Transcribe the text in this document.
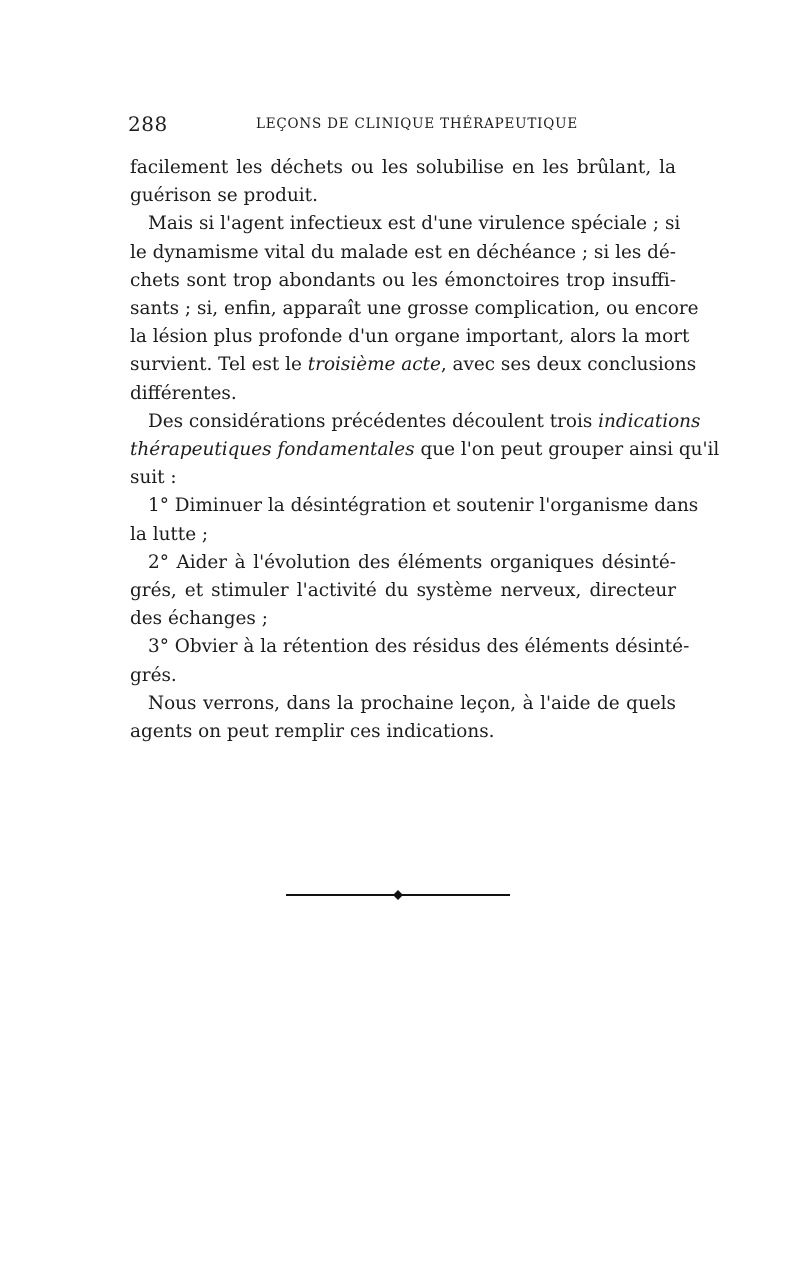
288	LEÇONS DE CLINIQUE THÉRAPEUTIQUE
facilement les déchets ou les solubilise en les brûlant, la
guérison se produit.
Mais si l'agent infectieux est d'une virulence spéciale ; si
le dynamisme vital du malade est en déchéance ; si les dé-
chets sont trop abondants ou les émonctoires trop insuffi-
sants ; si, enfin, apparaît une grosse complication, ou encore
la lésion plus profonde d'un organe important, alors la mort
survient. Tel est le troisième acte, avec ses deux conclusions
différentes.
Des considérations précédentes découlent trois indications
thérapeutiques fondamentales que l'on peut grouper ainsi qu'il
suit :
1° Diminuer la désintégration et soutenir l'organisme dans
la lutte ;
2° Aider à l'évolution des éléments organiques désinté-
grés, et stimuler l'activité du système nerveux, directeur
des échanges ;
3° Obvier à la rétention des résidus des éléments désinté-
grés.
Nous verrons, dans la prochaine leçon, à l'aide de quels
agents on peut remplir ces indications.
